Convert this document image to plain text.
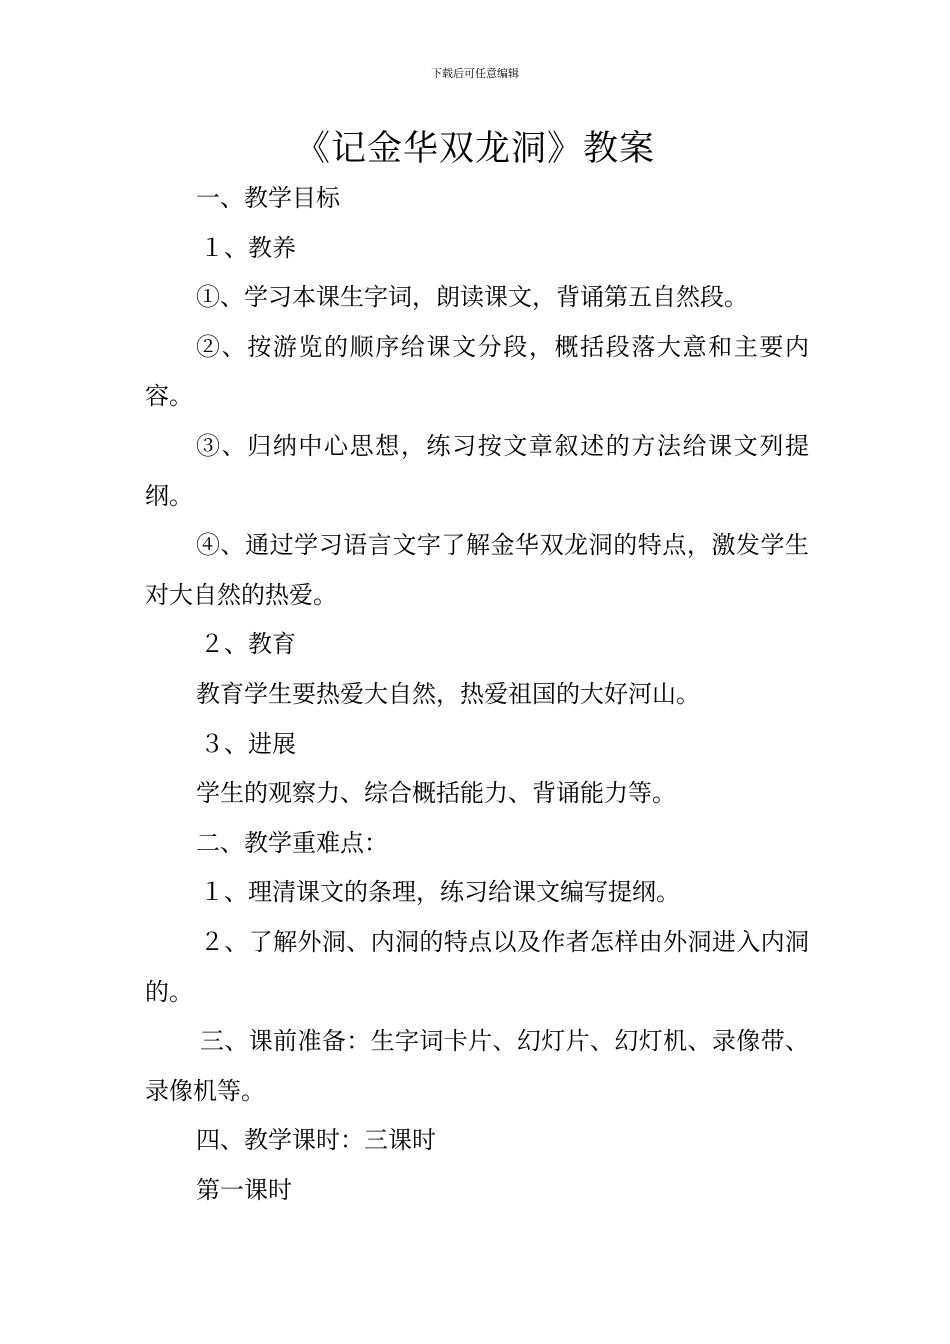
下载后可任意编辑
《记金华双龙洞》教案

一、教学目标

１、教养

①、学习本课生字词，朗读课文，背诵第五自然段。

②、按游览的顺序给课文分段，概括段落大意和主要内容。

③、归纳中心思想，练习按文章叙述的方法给课文列提纲。

④、通过学习语言文字了解金华双龙洞的特点，激发学生对大自然的热爱。

２、教育

教育学生要热爱大自然，热爱祖国的大好河山。

３、进展

学生的观察力、综合概括能力、背诵能力等。

二、教学重难点：

１、理清课文的条理，练习给课文编写提纲。

２、了解外洞、内洞的特点以及作者怎样由外洞进入内洞的。

三、课前准备：生字词卡片、幻灯片、幻灯机、录像带、录像机等。

四、教学课时：三课时

第一课时
